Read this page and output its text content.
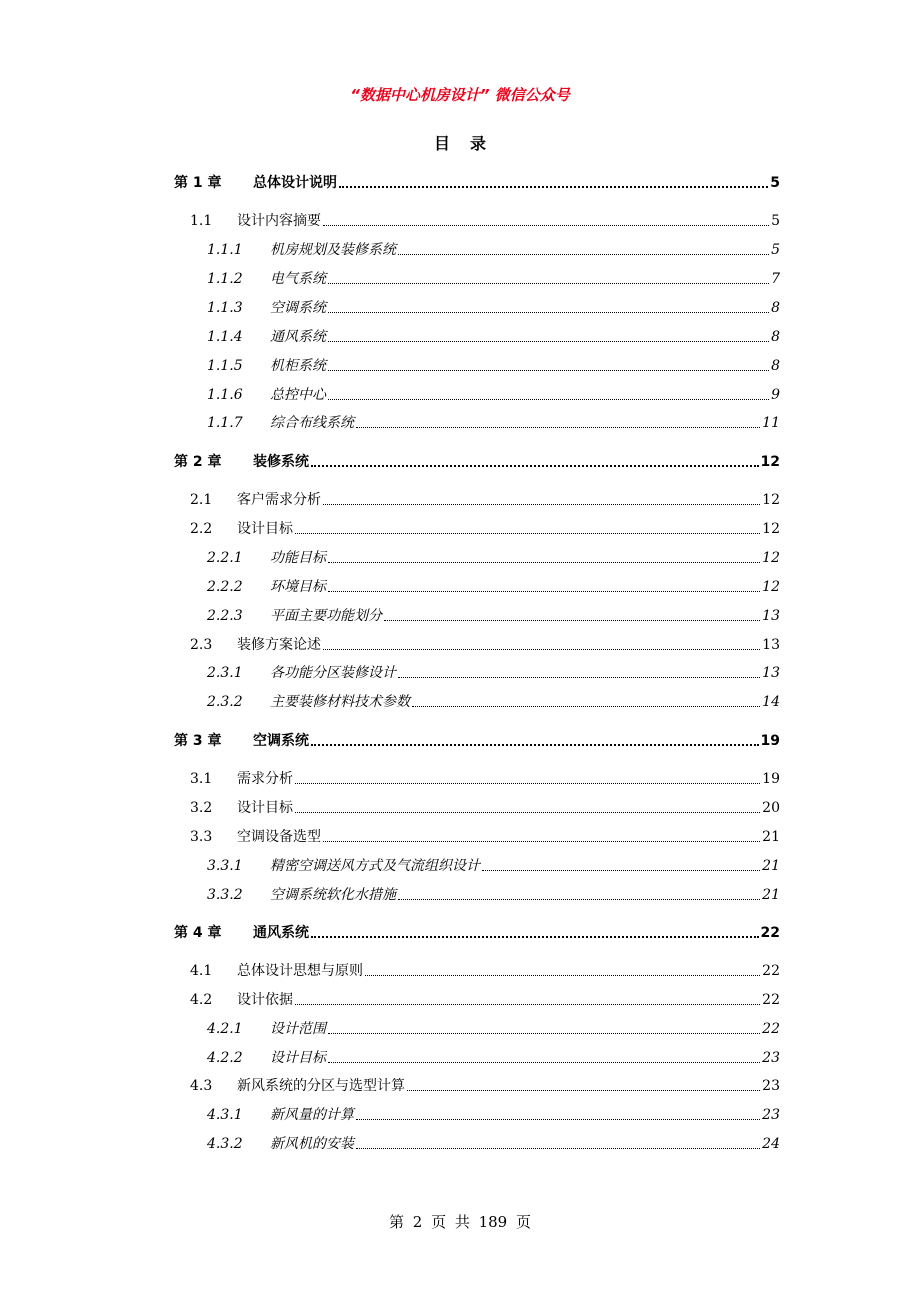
“数据中心机房设计” 微信公众号
目录
第 1 章 总体设计说明	5
1.1 设计内容摘要	5
1.1.1 机房规划及装修系统	5
1.1.2 电气系统	7
1.1.3 空调系统	8
1.1.4 通风系统	8
1.1.5 机柜系统	8
1.1.6 总控中心	9
1.1.7 综合布线系统	11
第 2 章 装修系统	12
2.1 客户需求分析	12
2.2 设计目标	12
2.2.1 功能目标	12
2.2.2 环境目标	12
2.2.3 平面主要功能划分	13
2.3 装修方案论述	13
2.3.1 各功能分区装修设计	13
2.3.2 主要装修材料技术参数	14
第 3 章 空调系统	19
3.1 需求分析	19
3.2 设计目标	20
3.3 空调设备选型	21
3.3.1 精密空调送风方式及气流组织设计	21
3.3.2 空调系统软化水措施	21
第 4 章 通风系统	22
4.1 总体设计思想与原则	22
4.2 设计依据	22
4.2.1 设计范围	22
4.2.2 设计目标	23
4.3 新风系统的分区与选型计算	23
4.3.1 新风量的计算	23
4.3.2 新风机的安装	24
第 2 页 共 189 页
